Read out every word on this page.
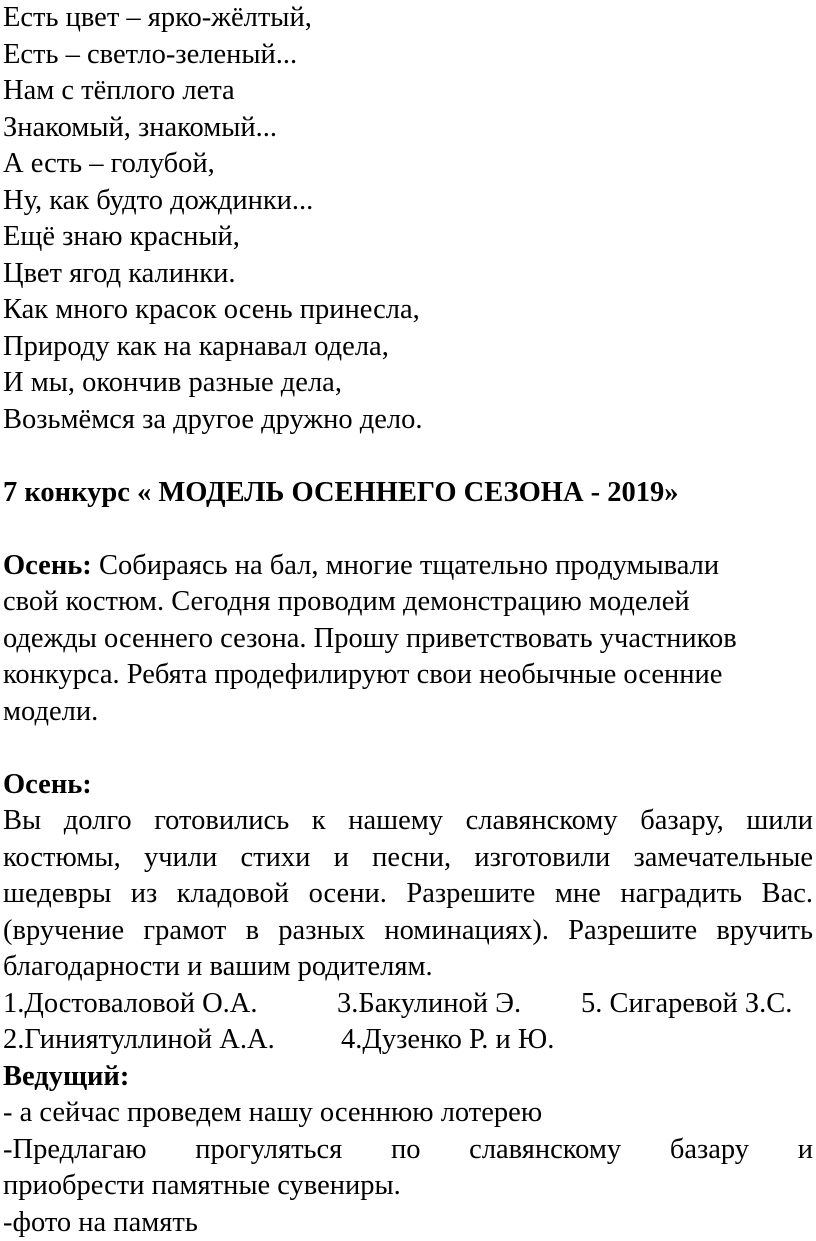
Есть цвет – ярко-жёлтый,
Есть – светло-зеленый...
Нам с тёплого лета
Знакомый, знакомый...
А есть – голубой,
Ну, как будто дождинки...
Ещё знаю красный,
Цвет ягод калинки.
Как много красок осень принесла,
Природу как на карнавал одела,
И мы, окончив разные дела,
Возьмёмся за другое дружно дело.
7 конкурс « МОДЕЛЬ ОСЕННЕГО СЕЗОНА - 2019»
Осень: Собираясь на бал, многие тщательно продумывали
свой костюм. Сегодня проводим демонстрацию моделей
одежды осеннего сезона. Прошу приветствовать участников
конкурса. Ребята продефилируют свои необычные осенние
модели.
Осень:
Вы долго готовились к нашему славянскому базару, шили
костюмы, учили стихи и песни, изготовили замечательные
шедевры из кладовой осени. Разрешите мне наградить Вас.
(вручение грамот в разных номинациях). Разрешите вручить
благодарности и вашим родителям.
1.Достоваловой О.А.	3.Бакулиной Э. 5. Сигаревой З.С.
2.Гиниятуллиной А.А. 4.Дузенко Р. и Ю.
Ведущий:
- а сейчас проведем нашу осеннюю лотерею
-Предлагаю прогуляться по славянскому базару и
приобрести памятные сувениры.
-фото на память
